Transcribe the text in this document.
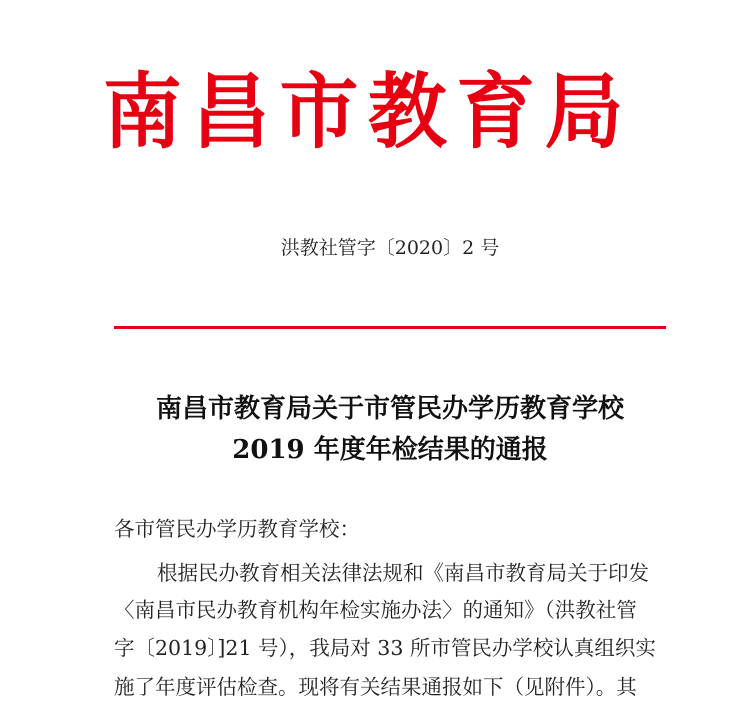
南昌市教育局
洪教社管字〔2020〕2 号
南昌市教育局关于市管民办学历教育学校
2019 年度年检结果的通报
各市管民办学历教育学校：
根据民办教育相关法律法规和《南昌市教育局关于印发
〈南昌市民办教育机构年检实施办法〉的通知》（洪教社管
字〔2019〕]21 号），我局对 33 所市管民办学校认真组织实
施了年度评估检查。现将有关结果通报如下（见附件）。其
